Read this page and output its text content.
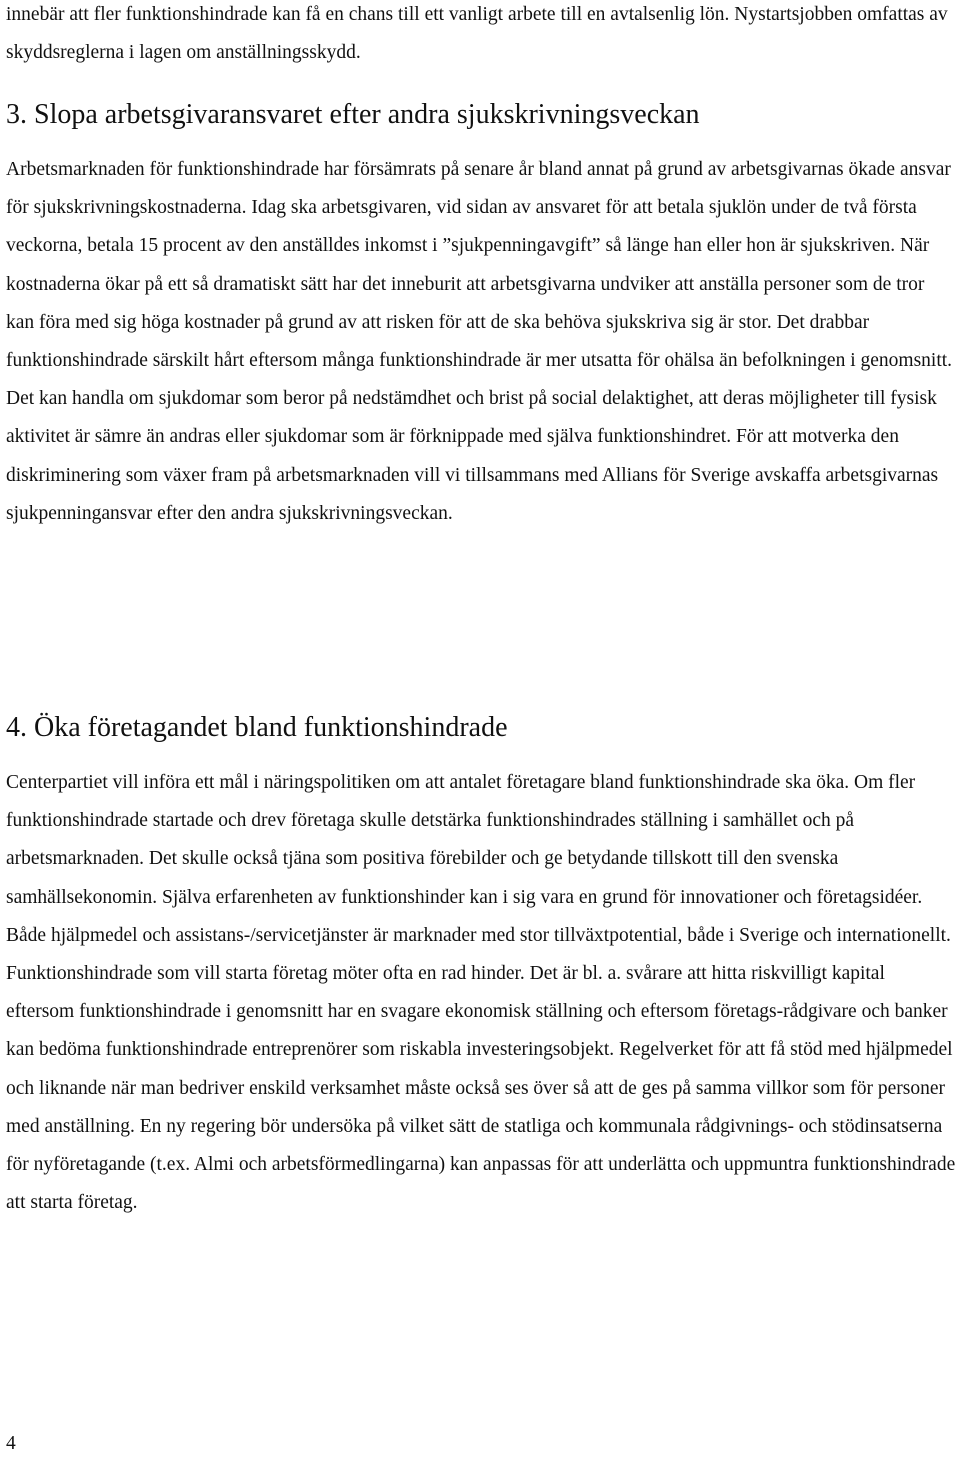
innebär att fler funktionshindrade kan få en chans till ett vanligt arbete till en avtalsenlig lön. Nystartsjobben omfattas av skyddsreglerna i lagen om anställningsskydd.

3. Slopa arbetsgivaransvaret efter andra sjukskrivningsveckan

Arbetsmarknaden för funktionshindrade har försämrats på senare år bland annat på grund av arbetsgivarnas ökade ansvar för sjukskrivningskostnaderna. Idag ska arbetsgivaren, vid sidan av ansvaret för att betala sjuklön under de två första veckorna, betala 15 procent av den anställdes inkomst i ”sjukpenningavgift” så länge han eller hon är sjukskriven. När kostnaderna ökar på ett så dramatiskt sätt har det inneburit att arbetsgivarna undviker att anställa personer som de tror kan föra med sig höga kostnader på grund av att risken för att de ska behöva sjukskriva sig är stor. Det drabbar funktionshindrade särskilt hårt eftersom många funktionshindrade är mer utsatta för ohälsa än befolkningen i genomsnitt. Det kan handla om sjukdomar som beror på nedstämdhet och brist på social delaktighet, att deras möjligheter till fysisk aktivitet är sämre än andras eller sjukdomar som är förknippade med själva funktionshindret. För att motverka den diskriminering som växer fram på arbetsmarknaden vill vi tillsammans med Allians för Sverige avskaffa arbetsgivarnas sjukpenningansvar efter den andra sjukskrivningsveckan.

4. Öka företagandet bland funktionshindrade

Centerpartiet vill införa ett mål i näringspolitiken om att antalet företagare bland funktionshindrade ska öka. Om fler funktionshindrade startade och drev företaga skulle detstärka funktionshindrades ställning i samhället och på arbetsmarknaden. Det skulle också tjäna som positiva förebilder och ge betydande tillskott till den svenska samhällsekonomin. Själva erfarenheten av funktionshinder kan i sig vara en grund för innovationer och företagsidéer. Både hjälpmedel och assistans-/servicetjänster är marknader med stor tillväxtpotential, både i Sverige och internationellt. Funktionshindrade som vill starta företag möter ofta en rad hinder. Det är bl. a. svårare att hitta riskvilligt kapital eftersom funktionshindrade i genomsnitt har en svagare ekonomisk ställning och eftersom företags-rådgivare och banker kan bedöma funktionshindrade entreprenörer som riskabla investeringsobjekt. Regelverket för att få stöd med hjälpmedel och liknande när man bedriver enskild verksamhet måste också ses över så att de ges på samma villkor som för personer med anställning. En ny regering bör undersöka på vilket sätt de statliga och kommunala rådgivnings- och stödinsatserna för nyföretagande (t.ex. Almi och arbetsförmedlingarna) kan anpassas för att underlätta och uppmuntra funktionshindrade att starta företag.

4
